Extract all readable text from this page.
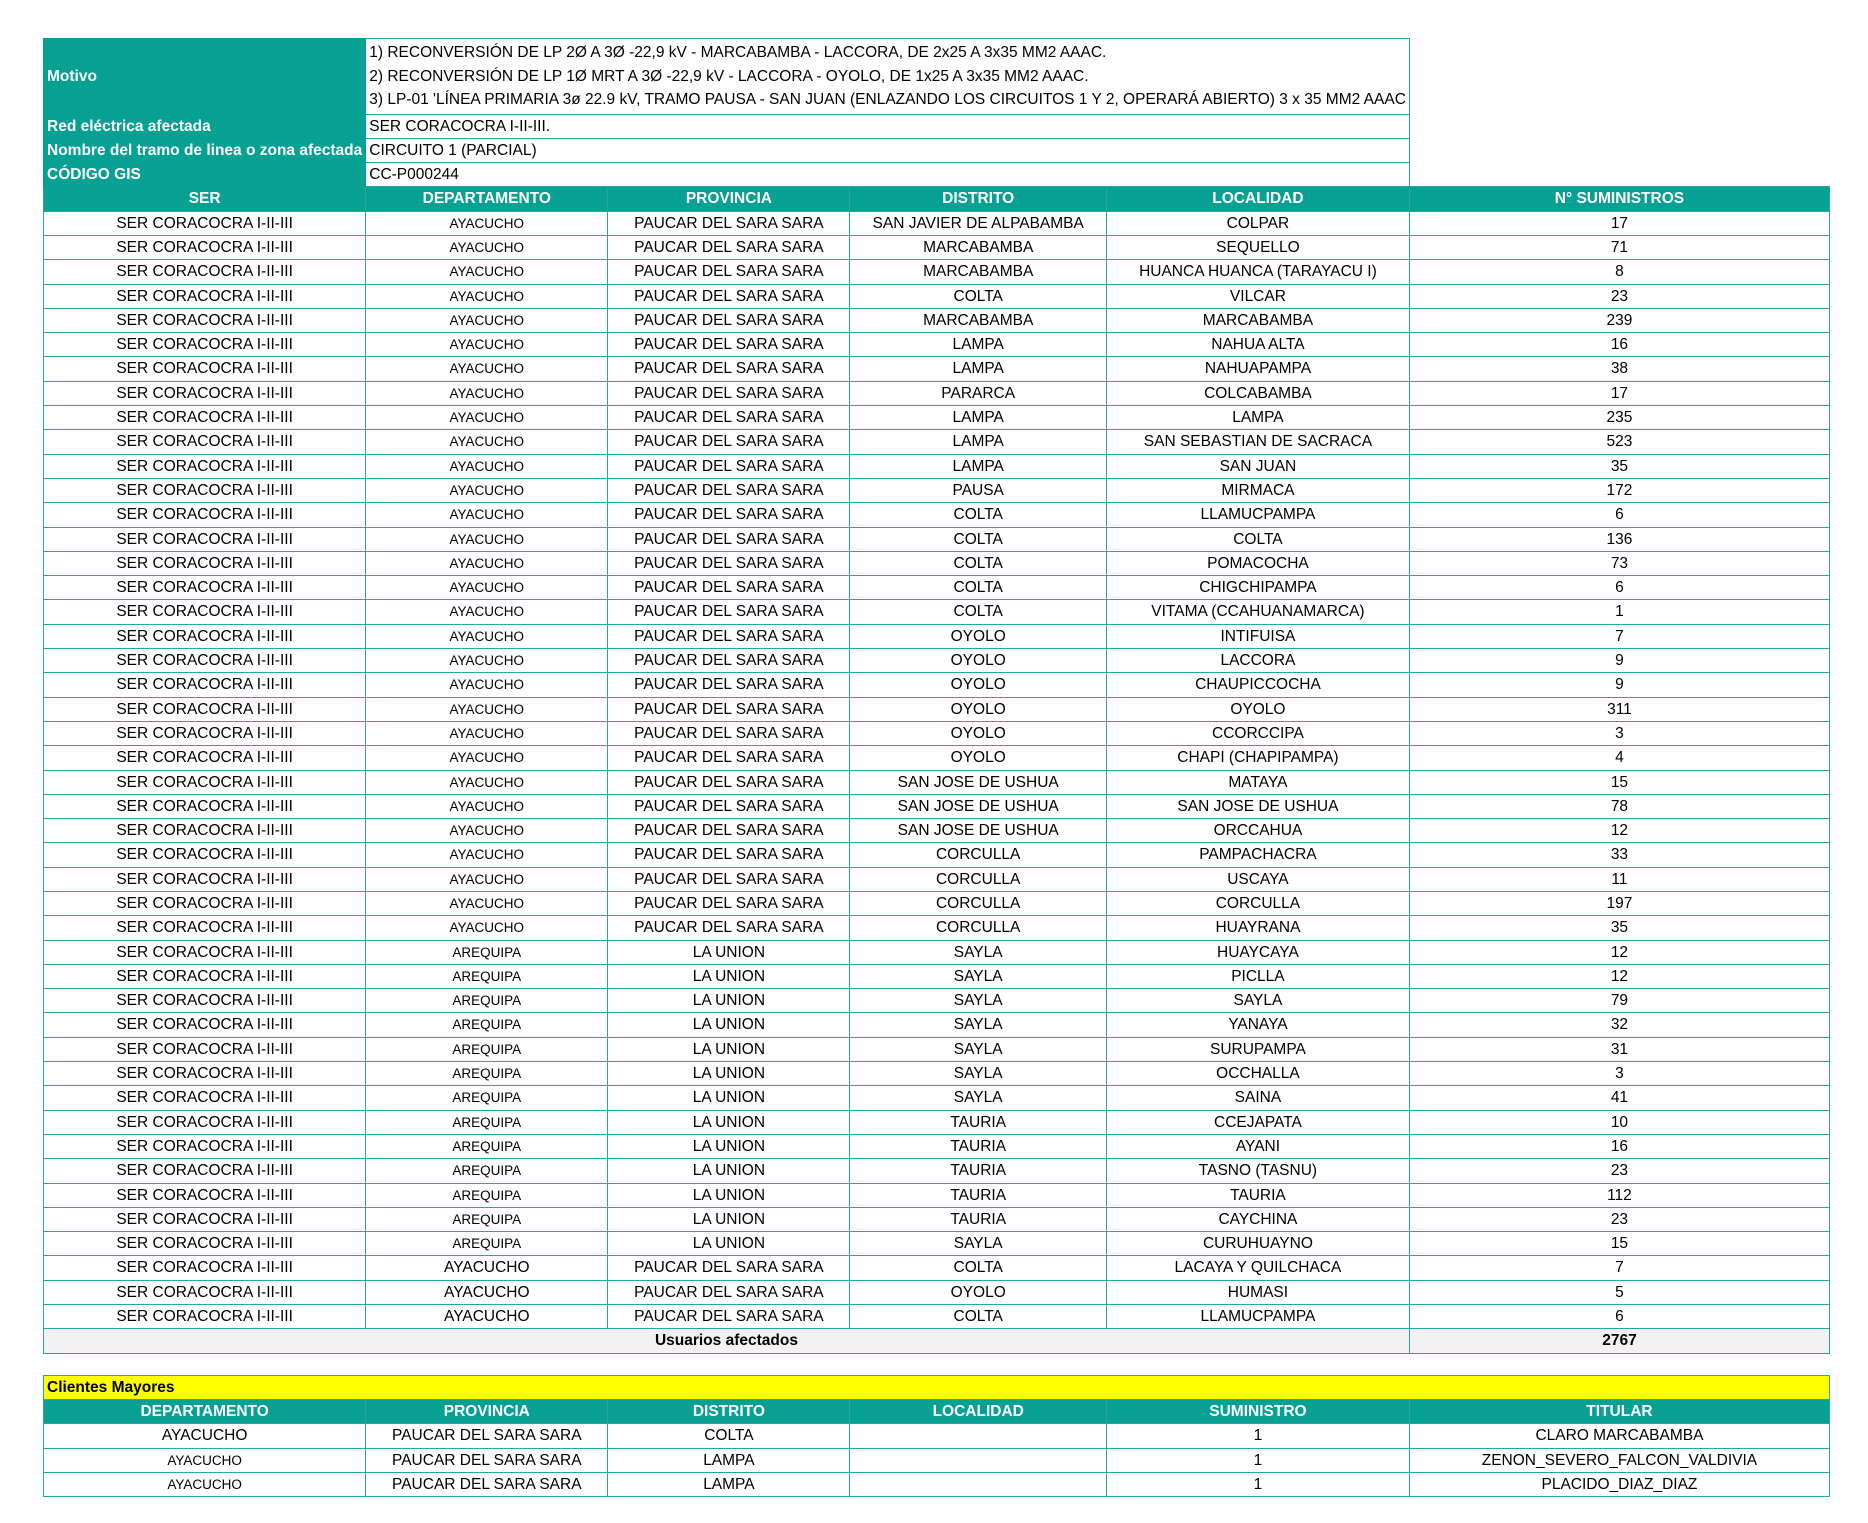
Motivo	1) RECONVERSIÓN DE LP 2Ø A 3Ø -22,9 kV - MARCABAMBA - LACCORA, DE 2x25 A 3x35 MM2 AAAC.
2) RECONVERSIÓN DE LP 1Ø MRT A 3Ø -22,9 kV - LACCORA - OYOLO, DE 1x25 A 3x35 MM2 AAAC.
3) LP-01 'LÍNEA PRIMARIA 3ø 22.9 kV, TRAMO PAUSA - SAN JUAN (ENLAZANDO LOS CIRCUITOS 1 Y 2, OPERARÁ ABIERTO) 3 x 35 MM2 AAAC				

Red eléctrica afectada	SER CORACOCRA I-II-III.				
Nombre del tramo de linea o zona afectada	CIRCUITO 1 (PARCIAL)				
CÓDIGO GIS	CC-P000244				
SER	DEPARTAMENTO	PROVINCIA	DISTRITO	LOCALIDAD	N° SUMINISTROS
SER CORACOCRA I-II-III	AYACUCHO	PAUCAR DEL SARA SARA	SAN JAVIER DE ALPABAMBA	COLPAR	17
SER CORACOCRA I-II-III	AYACUCHO	PAUCAR DEL SARA SARA	MARCABAMBA	SEQUELLO	71
SER CORACOCRA I-II-III	AYACUCHO	PAUCAR DEL SARA SARA	MARCABAMBA	HUANCA HUANCA (TARAYACU I)	8
SER CORACOCRA I-II-III	AYACUCHO	PAUCAR DEL SARA SARA	COLTA	VILCAR	23
SER CORACOCRA I-II-III	AYACUCHO	PAUCAR DEL SARA SARA	MARCABAMBA	MARCABAMBA	239
SER CORACOCRA I-II-III	AYACUCHO	PAUCAR DEL SARA SARA	LAMPA	NAHUA ALTA	16
SER CORACOCRA I-II-III	AYACUCHO	PAUCAR DEL SARA SARA	LAMPA	NAHUAPAMPA	38
SER CORACOCRA I-II-III	AYACUCHO	PAUCAR DEL SARA SARA	PARARCA	COLCABAMBA	17
SER CORACOCRA I-II-III	AYACUCHO	PAUCAR DEL SARA SARA	LAMPA	LAMPA	235
SER CORACOCRA I-II-III	AYACUCHO	PAUCAR DEL SARA SARA	LAMPA	SAN SEBASTIAN DE SACRACA	523
SER CORACOCRA I-II-III	AYACUCHO	PAUCAR DEL SARA SARA	LAMPA	SAN JUAN	35
SER CORACOCRA I-II-III	AYACUCHO	PAUCAR DEL SARA SARA	PAUSA	MIRMACA	172
SER CORACOCRA I-II-III	AYACUCHO	PAUCAR DEL SARA SARA	COLTA	LLAMUCPAMPA	6
SER CORACOCRA I-II-III	AYACUCHO	PAUCAR DEL SARA SARA	COLTA	COLTA	136
SER CORACOCRA I-II-III	AYACUCHO	PAUCAR DEL SARA SARA	COLTA	POMACOCHA	73
SER CORACOCRA I-II-III	AYACUCHO	PAUCAR DEL SARA SARA	COLTA	CHIGCHIPAMPA	6
SER CORACOCRA I-II-III	AYACUCHO	PAUCAR DEL SARA SARA	COLTA	VITAMA (CCAHUANAMARCA)	1
SER CORACOCRA I-II-III	AYACUCHO	PAUCAR DEL SARA SARA	OYOLO	INTIFUISA	7
SER CORACOCRA I-II-III	AYACUCHO	PAUCAR DEL SARA SARA	OYOLO	LACCORA	9
SER CORACOCRA I-II-III	AYACUCHO	PAUCAR DEL SARA SARA	OYOLO	CHAUPICCOCHA	9
SER CORACOCRA I-II-III	AYACUCHO	PAUCAR DEL SARA SARA	OYOLO	OYOLO	311
SER CORACOCRA I-II-III	AYACUCHO	PAUCAR DEL SARA SARA	OYOLO	CCORCCIPA	3
SER CORACOCRA I-II-III	AYACUCHO	PAUCAR DEL SARA SARA	OYOLO	CHAPI (CHAPIPAMPA)	4
SER CORACOCRA I-II-III	AYACUCHO	PAUCAR DEL SARA SARA	SAN JOSE DE USHUA	MATAYA	15
SER CORACOCRA I-II-III	AYACUCHO	PAUCAR DEL SARA SARA	SAN JOSE DE USHUA	SAN JOSE DE USHUA	78
SER CORACOCRA I-II-III	AYACUCHO	PAUCAR DEL SARA SARA	SAN JOSE DE USHUA	ORCCAHUA	12
SER CORACOCRA I-II-III	AYACUCHO	PAUCAR DEL SARA SARA	CORCULLA	PAMPACHACRA	33
SER CORACOCRA I-II-III	AYACUCHO	PAUCAR DEL SARA SARA	CORCULLA	USCAYA	11
SER CORACOCRA I-II-III	AYACUCHO	PAUCAR DEL SARA SARA	CORCULLA	CORCULLA	197
SER CORACOCRA I-II-III	AYACUCHO	PAUCAR DEL SARA SARA	CORCULLA	HUAYRANA	35
SER CORACOCRA I-II-III	AREQUIPA	LA UNION	SAYLA	HUAYCAYA	12
SER CORACOCRA I-II-III	AREQUIPA	LA UNION	SAYLA	PICLLA	12
SER CORACOCRA I-II-III	AREQUIPA	LA UNION	SAYLA	SAYLA	79
SER CORACOCRA I-II-III	AREQUIPA	LA UNION	SAYLA	YANAYA	32
SER CORACOCRA I-II-III	AREQUIPA	LA UNION	SAYLA	SURUPAMPA	31
SER CORACOCRA I-II-III	AREQUIPA	LA UNION	SAYLA	OCCHALLA	3
SER CORACOCRA I-II-III	AREQUIPA	LA UNION	SAYLA	SAINA	41
SER CORACOCRA I-II-III	AREQUIPA	LA UNION	TAURIA	CCEJAPATA	10
SER CORACOCRA I-II-III	AREQUIPA	LA UNION	TAURIA	AYANI	16
SER CORACOCRA I-II-III	AREQUIPA	LA UNION	TAURIA	TASNO (TASNU)	23
SER CORACOCRA I-II-III	AREQUIPA	LA UNION	TAURIA	TAURIA	112
SER CORACOCRA I-II-III	AREQUIPA	LA UNION	TAURIA	CAYCHINA	23
SER CORACOCRA I-II-III	AREQUIPA	LA UNION	SAYLA	CURUHUAYNO	15
SER CORACOCRA I-II-III	AYACUCHO	PAUCAR DEL SARA SARA	COLTA	LACAYA Y QUILCHACA	7
SER CORACOCRA I-II-III	AYACUCHO	PAUCAR DEL SARA SARA	OYOLO	HUMASI	5
SER CORACOCRA I-II-III	AYACUCHO	PAUCAR DEL SARA SARA	COLTA	LLAMUCPAMPA	6
Usuarios afectados					2767

Clientes Mayores					
DEPARTAMENTO	PROVINCIA	DISTRITO	LOCALIDAD	SUMINISTRO	TITULAR
AYACUCHO	PAUCAR DEL SARA SARA	COLTA		1	CLARO MARCABAMBA
AYACUCHO	PAUCAR DEL SARA SARA	LAMPA		1	ZENON_SEVERO_FALCON_VALDIVIA
AYACUCHO	PAUCAR DEL SARA SARA	LAMPA		1	PLACIDO_DIAZ_DIAZ
